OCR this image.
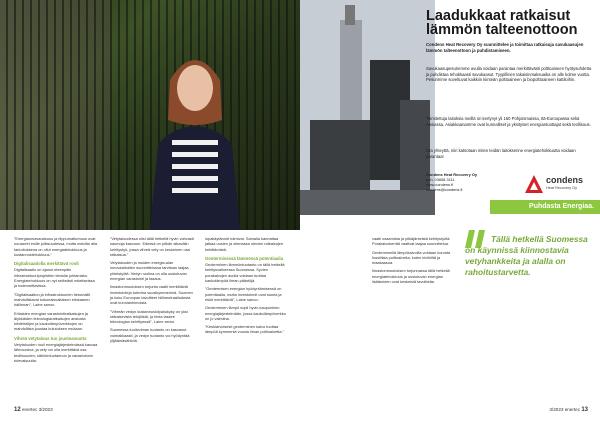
Laadukkaat ratkaisut
lämmön talteenottoon
Condens Heat Recovery Oy suunnittelee ja toimittaa ratkaisuja savukaasujen lämmön talteenottoon ja puhdistamiseen.
Savukaasupesuriemme avulla voidaan parantaa merkittävästi polttoaineen hyötysuhdetta ja puhdistaa tehokkaasti savukaasut. Tyypillinen takaisinmaksuaika on alle kolme vuotta. Pesurimme soveltuvat kaikkiin kiinteän polttoaineen ja biopolttoaineen kattiloihin.
Toimitettuja laitoksia meillä on kertynyt yli 160 Pohjoismaissa, Itä-Euroopassa sekä Aasiassa. Asiakkaanamme ovat kunnalliset ja yksityiset energiantuottajat sekä teollisuus.
Ota yhteyttä, niin katsotaan miten teidän laitoksenne energiatehokkuutta voidaan parantaa!
Condens Heat Recovery Oy
puh. 03658 3111
www.condens.fi
condens@condens.fi
condens
Heat Recovery Oy
Puhdasta Energiaa.

"Energiaomavaraisuus ja riippumattomuus ovat nousseet esille julkisuudessa, mutta meidän alla tarkoituksena on ollut energiatehokkuus ja kustannustehokkuus."

Digitalisaatiolla merkittävä rooli

Digitalisaatio on ajanut eteenpäin infrastruktuuriprojektien tiedolla johtamista. Energiatehokkuus on nyt selkeästi mitattavissa ja todennettavissa.

"Digitalisaation ja infrastruktuurien tietomallit mahdollistavat kokonaisvaltaisen elinkaaren hallinnan", Laine sanoo.

Erilaisten energian varastointiratkaisujen ja älykkäiden teknologiaratkaisujen ansiosta kiinteistöjen ja kaukolämpöverkkojen on mahdollista joustaa kulutuksen mukaan.

Vihreä vetytalous tuo jousteavuutta

Vetytalouden rooli energiajärjestelmässä kasvaa lähivuosina, ja vety voi olla merkittävä osa teollisuuden, sähköntuotannon ja varastoinnin tulevaisuutta.

"Vetytaloudessa olisi tällä hetkellä hyvin vahvasti saumoja kasvuun. Edessä on pitkän aikavälin kehitystyö, jossa vihreä vety on keskeinen osa ratkaisua."

Vetytalouden ja muiden energia-alan innovaatioiden suunnittelussa tarvitaan laajaa yhteistyötä. Vedyn roolina on olla uusiutuvan energian varastointi ja tasaus.

Ilmastonmuutoksen torjunta vaatii merkittäviä investointeja tulevina vuosikymmeninä. Suomen ja koko Euroopan tavoitteet hiilineutraaliudesta ovat kunnianhimoisia.

"Vihreän vedyn kustannuskilpailukyky on yksi ratkaisevista tekijöistä, ja hinta laskee teknologian kehittyessä", Laine arvioi.

Suomessa tuulivoiman tuotanto on kasvanut voimakkaasti, ja vedyn tuotanto voi hyödyntää ylijäämäsähköä.

lupakäytännöt toimivat. Samalla kannattaa jatkaa uusien ja olemassa olevien ratkaisujen kehittämistä.

Geotermisessä lämmössä potentiaalia

Geoterminen lämmöntuotanto on tällä hetkellä kehitysvaiheessa Suomessa. Syvien porakaivojen avulla voidaan tuottaa kaukolämpöä ilman päästöjä.

"Geotermisen energian hyödyntämisessä on potentiaalia, mutta investoinnit ovat suuria ja riskit merkittäviä", Laine sanoo.

Geoterminen lämpö sopii hyvin kaupunkien energiajärjestelmään, jossa kaukolämpöverkko on jo valmiina.

"Keskiarvoisesti geoterminen kaivo tuottaa lämpöä kymmeniä vuosia ilman polttoainetta."

vaatii osaamista ja pitkäjänteistä kehitystyötä. Porakaivokentät vaativat laajaa suunnittelua.

Geotermisellä lämpökaivoilla voidaan korvata fossiilisia polttoaineita, kuten kivihiiltä ja maakaasua.

Ilmastonmuutoksen torjunnassa tällä hetkellä energiatehokkuus ja uusiutuvan energian lisääminen ovat keskeisiä tavoitteita.

Tällä hetkellä Suomessa on käynnissä kiinnostavia vetyhankkeita ja alalla on rahoitustarvetta.
12 enertec 3/2023	3/2023 enertec 13
